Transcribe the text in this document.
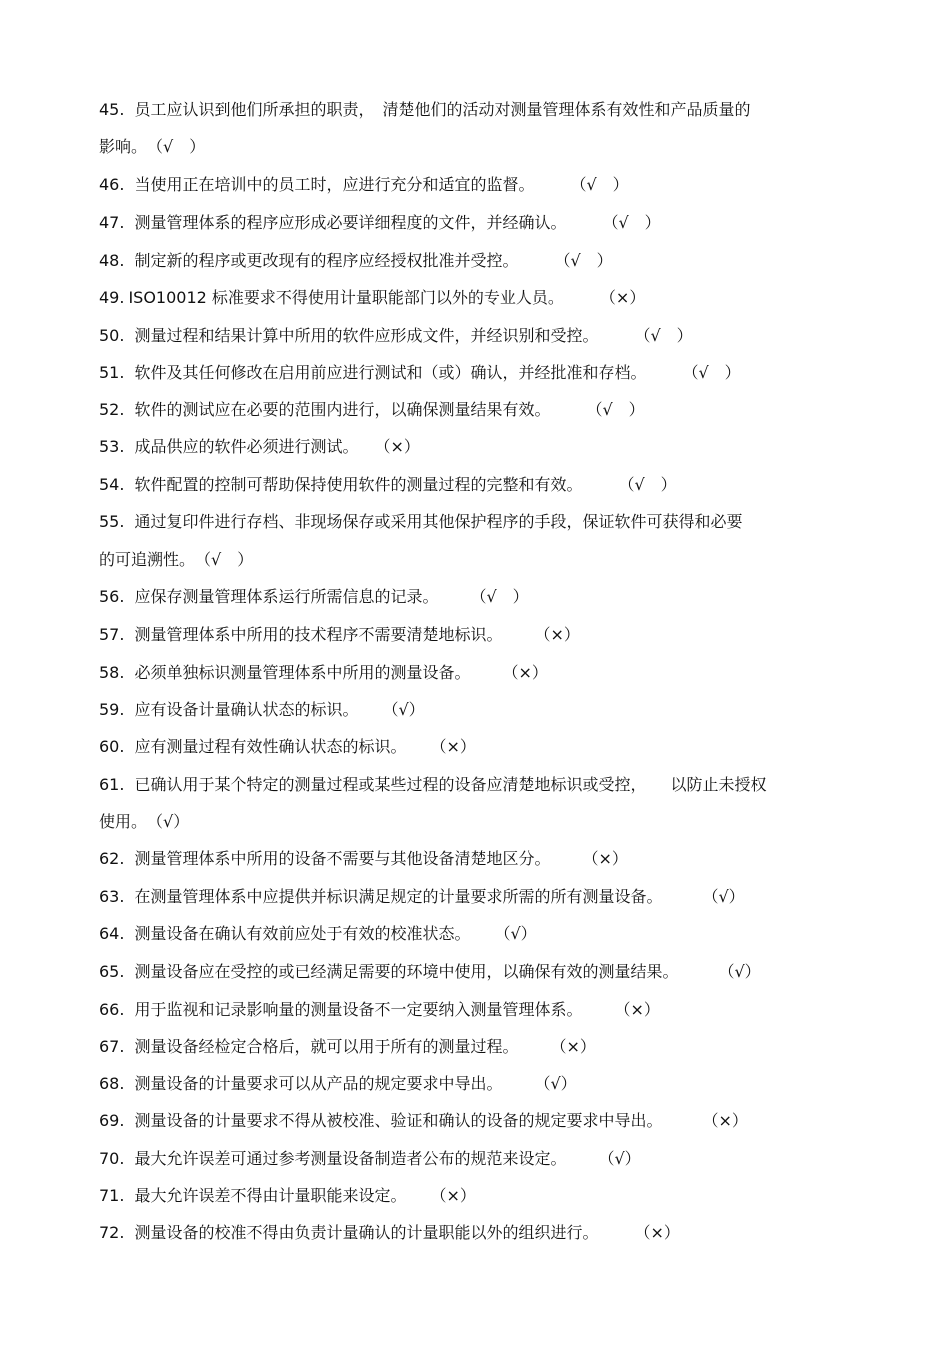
45. 员工应认识到他们所承担的职责，　清楚他们的活动对测量管理体系有效性和产品质量的
影响。（√　）
46. 当使用正在培训中的员工时，应进行充分和适宜的监督。 （√　）
47. 测量管理体系的程序应形成必要详细程度的文件，并经确认。 （√　）
48. 制定新的程序或更改现有的程序应经授权批准并受控。 （√　）
49. ISO10012 标准要求不得使用计量职能部门以外的专业人员。 （×）
50. 测量过程和结果计算中所用的软件应形成文件，并经识别和受控。 （√　）
51. 软件及其任何修改在启用前应进行测试和（或）确认，并经批准和存档。 （√　）
52. 软件的测试应在必要的范围内进行，以确保测量结果有效。 （√　）
53. 成品供应的软件必须进行测试。 （×）
54. 软件配置的控制可帮助保持使用软件的测量过程的完整和有效。 （√　）
55. 通过复印件进行存档、非现场保存或采用其他保护程序的手段，保证软件可获得和必要
的可追溯性。（√　）
56. 应保存测量管理体系运行所需信息的记录。 （√　）
57. 测量管理体系中所用的技术程序不需要清楚地标识。 （×）
58. 必须单独标识测量管理体系中所用的测量设备。 （×）
59. 应有设备计量确认状态的标识。 （√）
60. 应有测量过程有效性确认状态的标识。 （×）
61. 已确认用于某个特定的测量过程或某些过程的设备应清楚地标识或受控，　　以防止未授权
使用。（√）
62. 测量管理体系中所用的设备不需要与其他设备清楚地区分。 （×）
63. 在测量管理体系中应提供并标识满足规定的计量要求所需的所有测量设备。	（√）
64. 测量设备在确认有效前应处于有效的校准状态。 （√）
65. 测量设备应在受控的或已经满足需要的环境中使用，以确保有效的测量结果。	（√）
66. 用于监视和记录影响量的测量设备不一定要纳入测量管理体系。 （×）
67. 测量设备经检定合格后，就可以用于所有的测量过程。 （×）
68. 测量设备的计量要求可以从产品的规定要求中导出。 （√）
69. 测量设备的计量要求不得从被校准、验证和确认的设备的规定要求中导出。	（×）
70. 最大允许误差可通过参考测量设备制造者公布的规范来设定。 （√）
71. 最大允许误差不得由计量职能来设定。 （×）
72. 测量设备的校准不得由负责计量确认的计量职能以外的组织进行。 （×）
